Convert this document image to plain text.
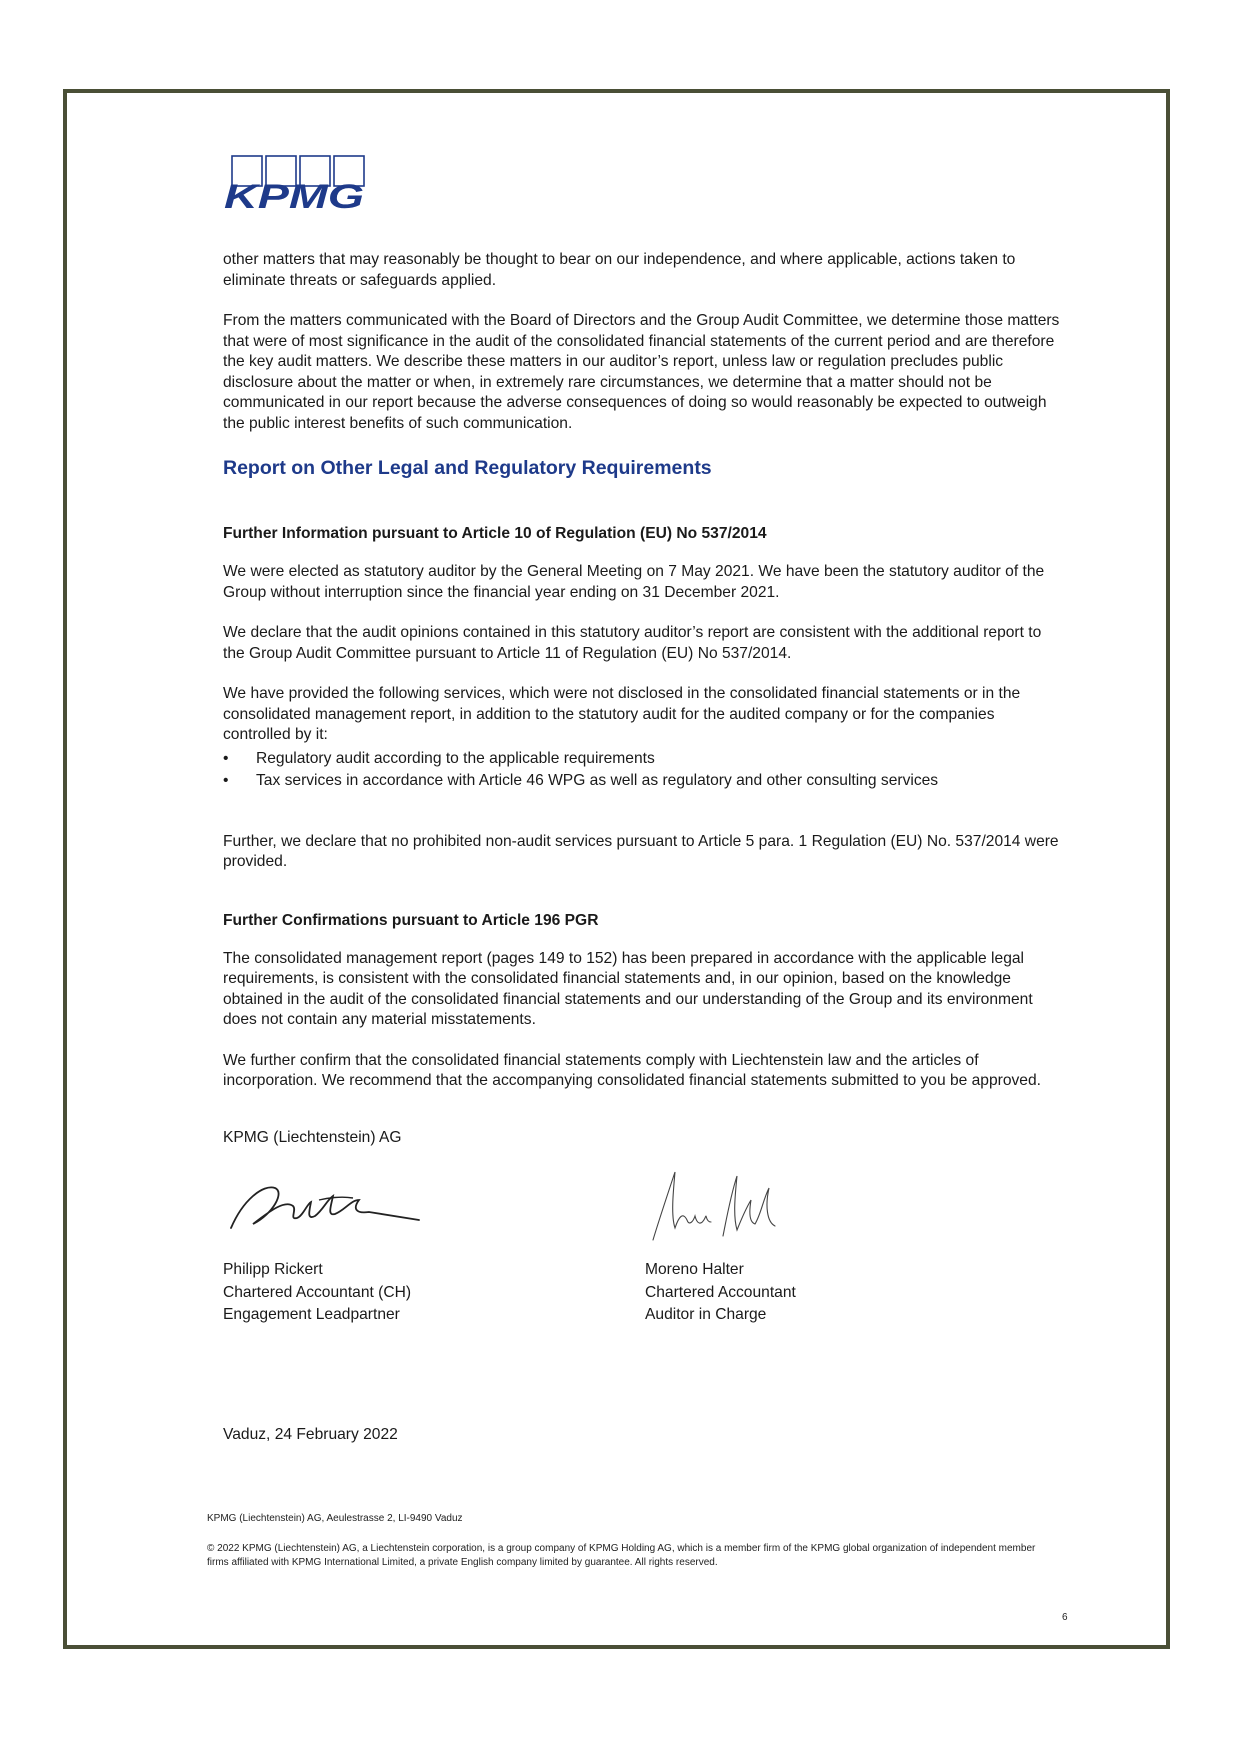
KPMG

other matters that may reasonably be thought to bear on our independence, and where applicable, actions taken to eliminate threats or safeguards applied.

From the matters communicated with the Board of Directors and the Group Audit Committee, we determine those matters that were of most significance in the audit of the consolidated financial statements of the current period and are therefore the key audit matters. We describe these matters in our auditor’s report, unless law or regulation precludes public disclosure about the matter or when, in extremely rare circumstances, we determine that a matter should not be communicated in our report because the adverse consequences of doing so would reasonably be expected to outweigh the public interest benefits of such communication.

Report on Other Legal and Regulatory Requirements
Further Information pursuant to Article 10 of Regulation (EU) No 537/2014

We were elected as statutory auditor by the General Meeting on 7 May 2021. We have been the statutory auditor of the Group without interruption since the financial year ending on 31 December 2021.

We declare that the audit opinions contained in this statutory auditor’s report are consistent with the additional report to the Group Audit Committee pursuant to Article 11 of Regulation (EU) No 537/2014.

We have provided the following services, which were not disclosed in the consolidated financial statements or in the consolidated management report, in addition to the statutory audit for the audited company or for the companies controlled by it:

• Regulatory audit according to the applicable requirements
• Tax services in accordance with Article 46 WPG as well as regulatory and other consulting services

Further, we declare that no prohibited non-audit services pursuant to Article 5 para. 1 Regulation (EU) No. 537/2014 were provided.

Further Confirmations pursuant to Article 196 PGR

The consolidated management report (pages 149 to 152) has been prepared in accordance with the applicable legal requirements, is consistent with the consolidated financial statements and, in our opinion, based on the knowledge obtained in the audit of the consolidated financial statements and our understanding of the Group and its environment does not contain any material misstatements.

We further confirm that the consolidated financial statements comply with Liechtenstein law and the articles of incorporation. We recommend that the accompanying consolidated financial statements submitted to you be approved.

KPMG (Liechtenstein) AG

Philipp Rickert
Chartered Accountant (CH)
Engagement Leadpartner
Moreno Halter
Chartered Accountant
Auditor in Charge

Vaduz, 24 February 2022

KPMG (Liechtenstein) AG, Aeulestrasse 2, LI-9490 Vaduz
© 2022 KPMG (Liechtenstein) AG, a Liechtenstein corporation, is a group company of KPMG Holding AG, which is a member firm of the KPMG global organization of independent member firms affiliated with KPMG International Limited, a private English company limited by guarantee. All rights reserved.
6
